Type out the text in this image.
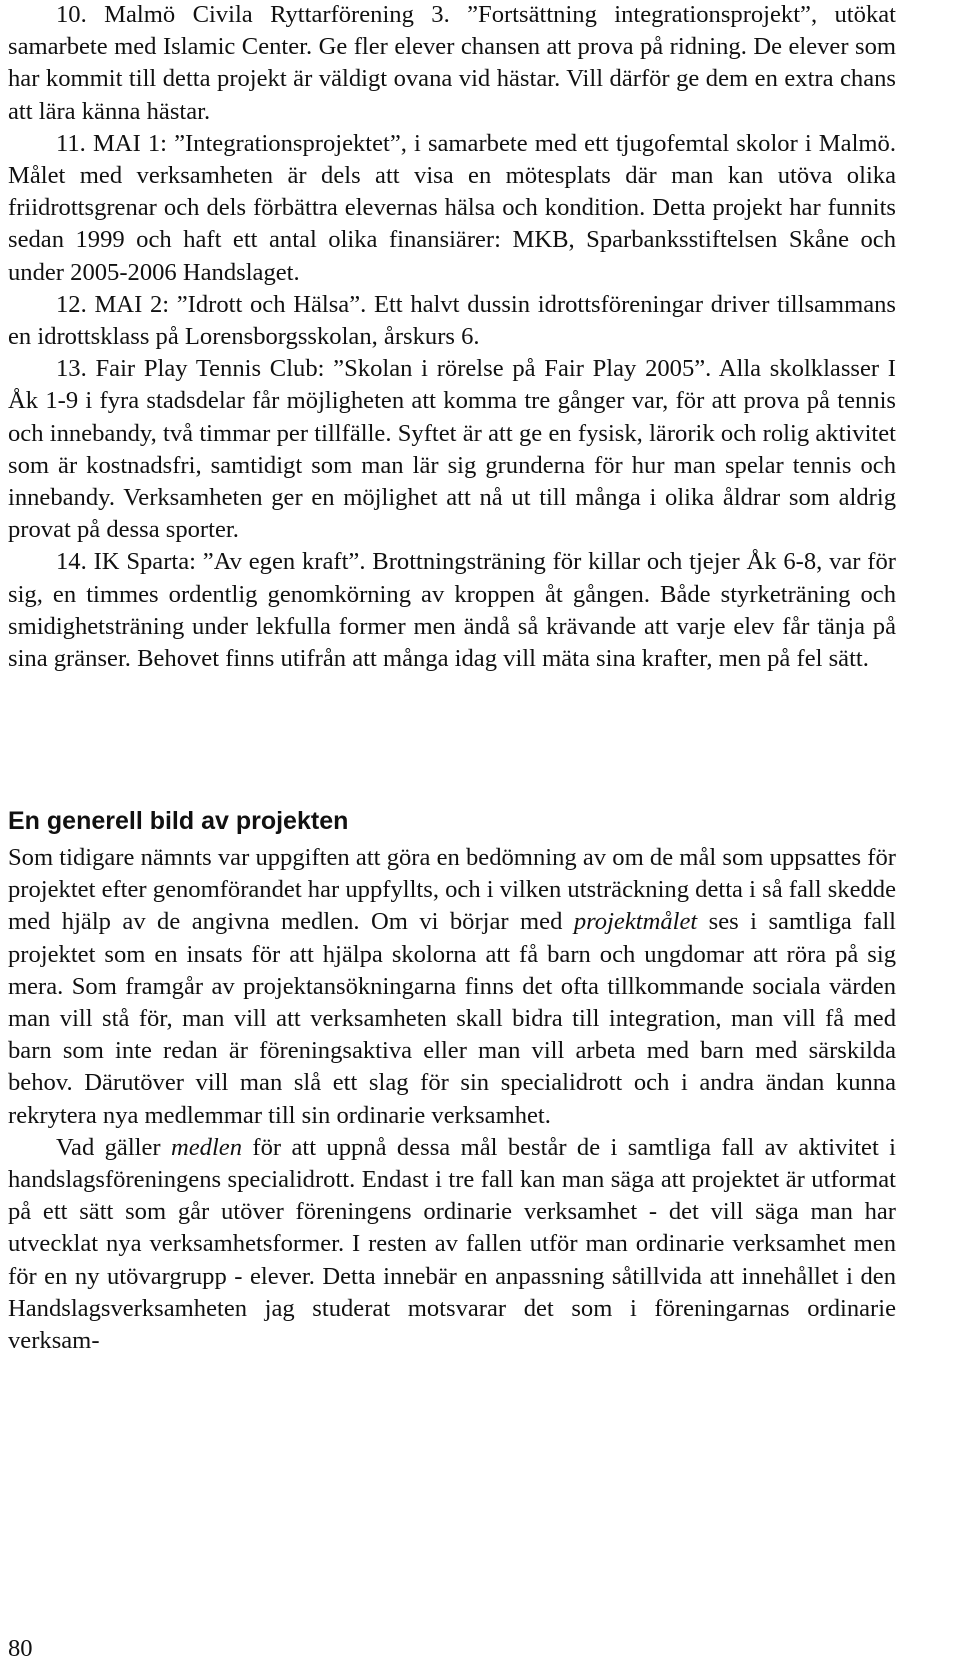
10. Malmö Civila Ryttarförening 3. ”Fortsättning integrationsprojekt”, utökat samarbete med Islamic Center. Ge fler elever chansen att prova på ridning. De elever som har kommit till detta projekt är väldigt ovana vid hästar. Vill därför ge dem en extra chans att lära känna hästar.

11. MAI 1: ”Integrationsprojektet”, i samarbete med ett tjugofemtal skolor i Malmö. Målet med verksamheten är dels att visa en mötesplats där man kan utöva olika friidrottsgrenar och dels förbättra elevernas hälsa och kondition. Detta projekt har funnits sedan 1999 och haft ett antal olika finansiärer: MKB, Sparbanksstiftelsen Skåne och under 2005-2006 Handslaget.

12. MAI 2: ”Idrott och Hälsa”. Ett halvt dussin idrottsföreningar driver tillsammans en idrottsklass på Lorensborgsskolan, årskurs 6.

13. Fair Play Tennis Club: ”Skolan i rörelse på Fair Play 2005”. Alla skolklasser I Åk 1-9 i fyra stadsdelar får möjligheten att komma tre gånger var, för att prova på tennis och innebandy, två timmar per tillfälle. Syftet är att ge en fysisk, lärorik och rolig aktivitet som är kostnadsfri, samtidigt som man lär sig grunderna för hur man spelar tennis och innebandy. Verksamheten ger en möjlighet att nå ut till många i olika åldrar som aldrig provat på dessa sporter.

14. IK Sparta: ”Av egen kraft”. Brottningsträning för killar och tjejer Åk 6-8, var för sig, en timmes ordentlig genomkörning av kroppen åt gången. Både styrketräning och smidighetsträning under lekfulla former men ändå så krävande att varje elev får tänja på sina gränser. Behovet finns utifrån att många idag vill mäta sina krafter, men på fel sätt.

En generell bild av projekten

Som tidigare nämnts var uppgiften att göra en bedömning av om de mål som uppsattes för projektet efter genomförandet har uppfyllts, och i vilken utsträckning detta i så fall skedde med hjälp av de angivna medlen. Om vi börjar med projektmålet ses i samtliga fall projektet som en insats för att hjälpa skolorna att få barn och ungdomar att röra på sig mera. Som framgår av projektansökningarna finns det ofta tillkommande sociala värden man vill stå för, man vill att verksamheten skall bidra till integration, man vill få med barn som inte redan är föreningsaktiva eller man vill arbeta med barn med särskilda behov. Därutöver vill man slå ett slag för sin specialidrott och i andra ändan kunna rekrytera nya medlemmar till sin ordinarie verksamhet.

Vad gäller medlen för att uppnå dessa mål består de i samtliga fall av aktivitet i handslagsföreningens specialidrott. Endast i tre fall kan man säga att projektet är utformat på ett sätt som går utöver föreningens ordinarie verksamhet - det vill säga man har utvecklat nya verksamhetsformer. I resten av fallen utför man ordinarie verksamhet men för en ny utövargrupp - elever. Detta innebär en anpassning såtillvida att innehållet i den Handslagsverksamheten jag studerat motsvarar det som i föreningarnas ordinarie verksam-

80
